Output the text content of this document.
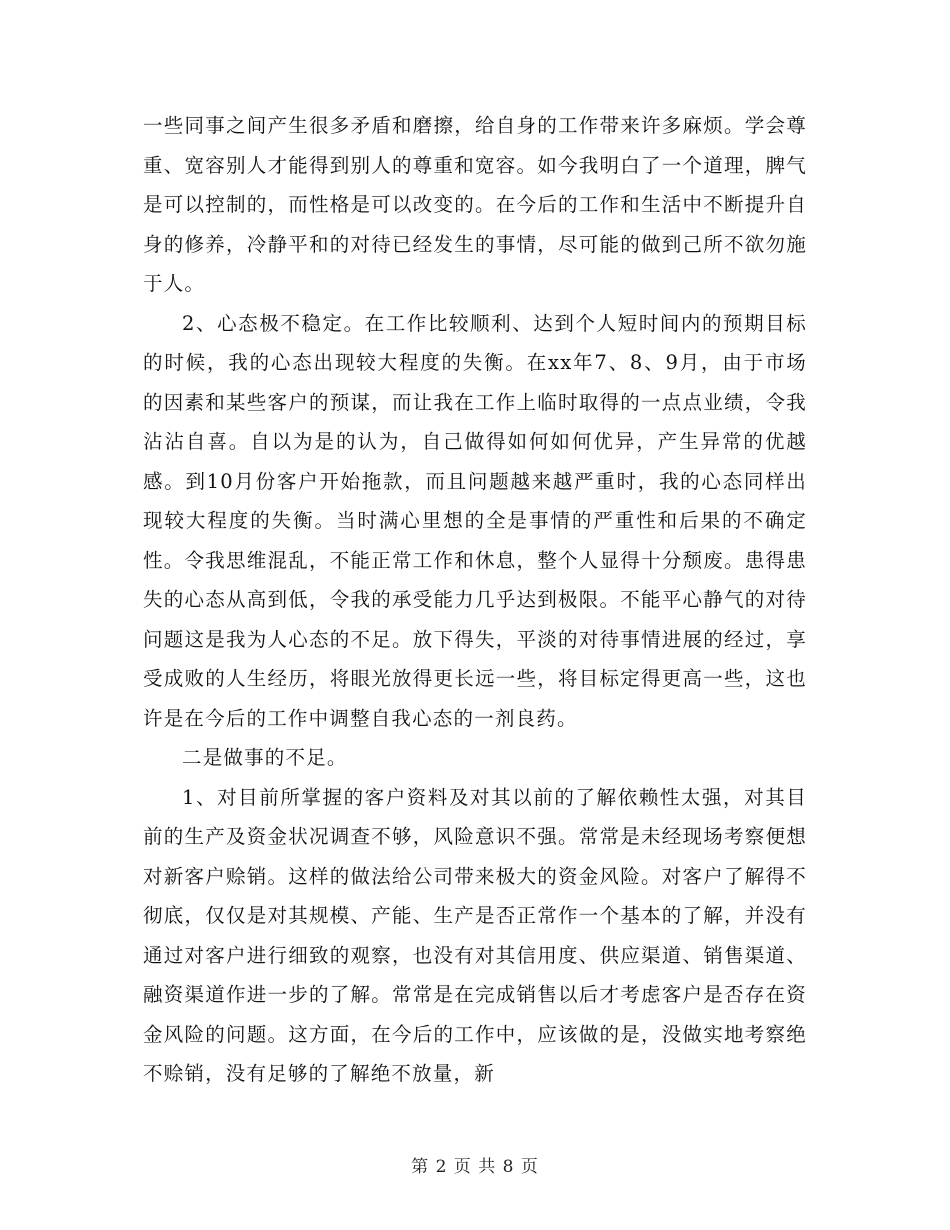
一些同事之间产生很多矛盾和磨擦，给自身的工作带来许多麻烦。学会尊重、宽容别人才能得到别人的尊重和宽容。如今我明白了一个道理，脾气是可以控制的，而性格是可以改变的。在今后的工作和生活中不断提升自身的修养，冷静平和的对待已经发生的事情，尽可能的做到己所不欲勿施于人。

2、心态极不稳定。在工作比较顺利、达到个人短时间内的预期目标的时候，我的心态出现较大程度的失衡。在xx年7、8、9月，由于市场的因素和某些客户的预谋，而让我在工作上临时取得的一点点业绩，令我沾沾自喜。自以为是的认为，自己做得如何如何优异，产生异常的优越感。到10月份客户开始拖款，而且问题越来越严重时，我的心态同样出现较大程度的失衡。当时满心里想的全是事情的严重性和后果的不确定性。令我思维混乱，不能正常工作和休息，整个人显得十分颓废。患得患失的心态从高到低，令我的承受能力几乎达到极限。不能平心静气的对待问题这是我为人心态的不足。放下得失，平淡的对待事情进展的经过，享受成败的人生经历，将眼光放得更长远一些，将目标定得更高一些，这也许是在今后的工作中调整自我心态的一剂良药。

二是做事的不足。

1、对目前所掌握的客户资料及对其以前的了解依赖性太强，对其目前的生产及资金状况调查不够，风险意识不强。常常是未经现场考察便想对新客户赊销。这样的做法给公司带来极大的资金风险。对客户了解得不彻底，仅仅是对其规模、产能、生产是否正常作一个基本的了解，并没有通过对客户进行细致的观察，也没有对其信用度、供应渠道、销售渠道、融资渠道作进一步的了解。常常是在完成销售以后才考虑客户是否存在资金风险的问题。这方面，在今后的工作中，应该做的是，没做实地考察绝不赊销，没有足够的了解绝不放量，新

第 2 页 共 8 页
